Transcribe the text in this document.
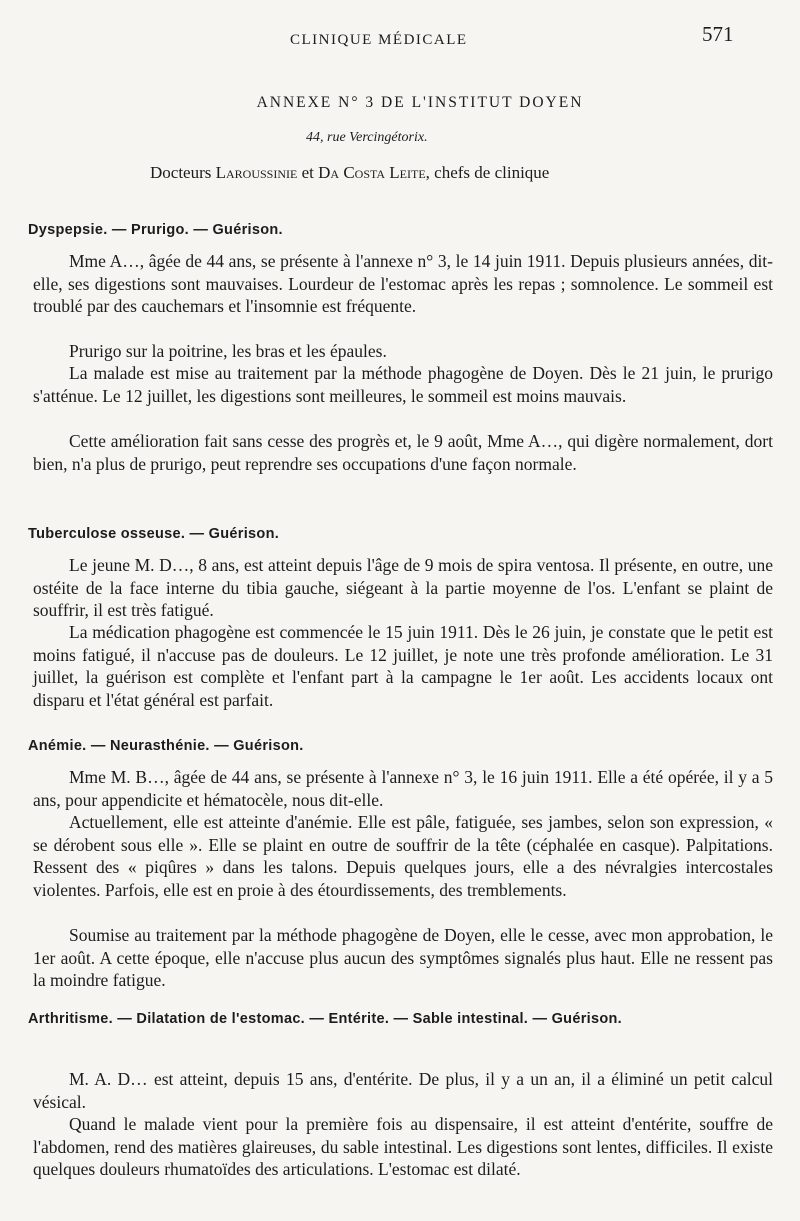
CLINIQUE MÉDICALE	571
ANNEXE N° 3 DE L'INSTITUT DOYEN
44, rue Vercingétorix.
Docteurs Laroussinie et Da Costa Leite, chefs de clinique
Dyspepsie. — Prurigo. — Guérison.
Mme A…, âgée de 44 ans, se présente à l'annexe n° 3, le 14 juin 1911. Depuis plusieurs années, dit-elle, ses digestions sont mauvaises. Lourdeur de l'estomac après les repas ; somnolence. Le sommeil est troublé par des cauchemars et l'insomnie est fréquente.
Prurigo sur la poitrine, les bras et les épaules.
La malade est mise au traitement par la méthode phagogène de Doyen. Dès le 21 juin, le prurigo s'atténue. Le 12 juillet, les digestions sont meilleures, le sommeil est moins mauvais.
Cette amélioration fait sans cesse des progrès et, le 9 août, Mme A…, qui digère normalement, dort bien, n'a plus de prurigo, peut reprendre ses occupations d'une façon normale.
Tuberculose osseuse. — Guérison.
Le jeune M. D…, 8 ans, est atteint depuis l'âge de 9 mois de spira ventosa. Il présente, en outre, une ostéite de la face interne du tibia gauche, siégeant à la partie moyenne de l'os. L'enfant se plaint de souffrir, il est très fatigué.
La médication phagogène est commencée le 15 juin 1911. Dès le 26 juin, je constate que le petit est moins fatigué, il n'accuse pas de douleurs. Le 12 juillet, je note une très profonde amélioration. Le 31 juillet, la guérison est complète et l'enfant part à la campagne le 1er août. Les accidents locaux ont disparu et l'état général est parfait.
Anémie. — Neurasthénie. — Guérison.
Mme M. B…, âgée de 44 ans, se présente à l'annexe n° 3, le 16 juin 1911. Elle a été opérée, il y a 5 ans, pour appendicite et hématocèle, nous dit-elle.
Actuellement, elle est atteinte d'anémie. Elle est pâle, fatiguée, ses jambes, selon son expression, « se dérobent sous elle ». Elle se plaint en outre de souffrir de la tête (céphalée en casque). Palpitations. Ressent des « piqûres » dans les talons. Depuis quelques jours, elle a des névralgies intercostales violentes. Parfois, elle est en proie à des étourdissements, des tremblements.
Soumise au traitement par la méthode phagogène de Doyen, elle le cesse, avec mon approbation, le 1er août. A cette époque, elle n'accuse plus aucun des symptômes signalés plus haut. Elle ne ressent pas la moindre fatigue.
Arthritisme. — Dilatation de l'estomac. — Entérite. — Sable intestinal. — Guérison.
M. A. D… est atteint, depuis 15 ans, d'entérite. De plus, il y a un an, il a éliminé un petit calcul vésical.
Quand le malade vient pour la première fois au dispensaire, il est atteint d'entérite, souffre de l'abdomen, rend des matières glaireuses, du sable intestinal. Les digestions sont lentes, difficiles. Il existe quelques douleurs rhumatoïdes des articulations. L'estomac est dilaté.
